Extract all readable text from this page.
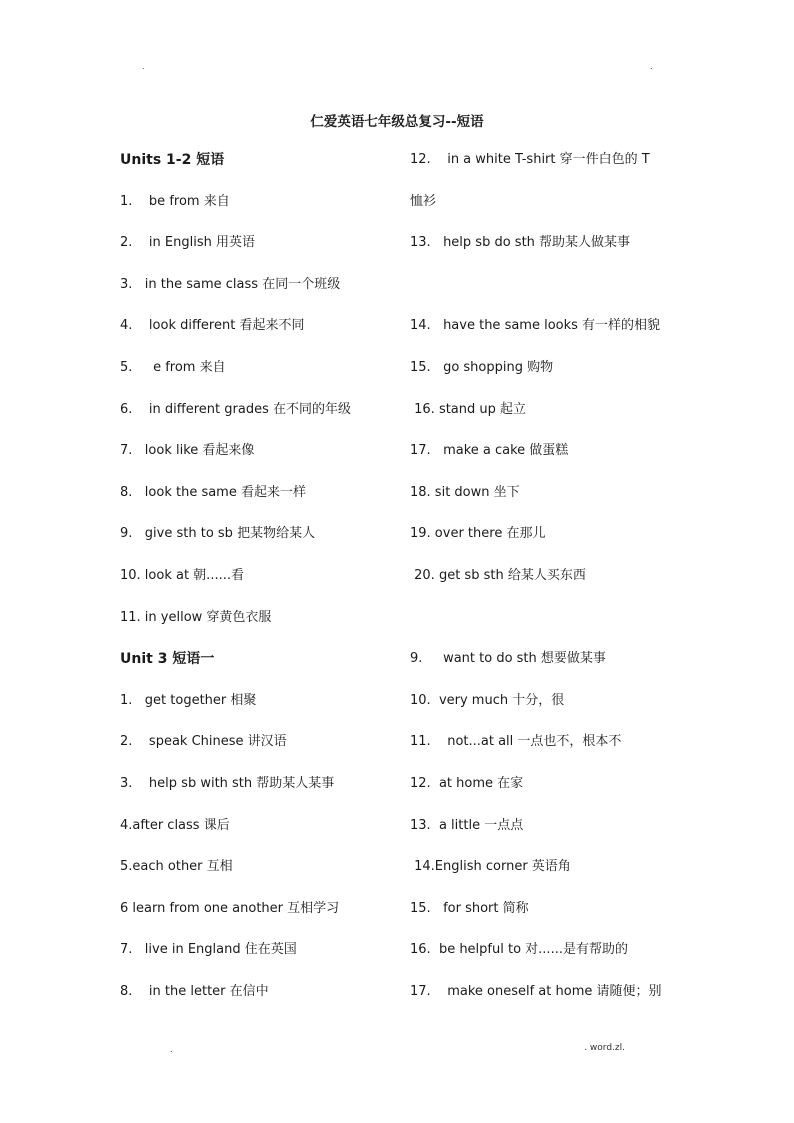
.	.
仁爱英语七年级总复习--短语
Units 1-2 短语
1.    be from 来自
2.    in English 用英语
3.   in the same class 在同一个班级
4.    look different 看起来不同
5.     e from 来自
6.    in different grades 在不同的年级
7.   look like 看起来像
8.   look the same 看起来一样
9.   give sth to sb 把某物给某人
10. look at 朝......看
11. in yellow 穿黄色衣服
Unit 3 短语一
1.   get together 相聚
2.    speak Chinese 讲汉语
3.    help sb with sth 帮助某人某事
4.after class 课后
5.each other 互相
6 learn from one another 互相学习
7.   live in England 住在英国
8.    in the letter 在信中
12.    in a white T-shirt 穿一件白色的 T
恤衫
13.   help sb do sth 帮助某人做某事
14.   have the same looks 有一样的相貌
15.   go shopping 购物
16. stand up 起立
17.   make a cake 做蛋糕
18. sit down 坐下
19. over there 在那儿
20. get sb sth 给某人买东西
9.     want to do sth 想要做某事
10.  very much 十分，很
11.    not...at all 一点也不，根本不
12.  at home 在家
13.  a little 一点点
14.English corner 英语角
15.   for short 简称
16.  be helpful to 对......是有帮助的
17.    make oneself at home 请随便；别
.	. word.zl.
